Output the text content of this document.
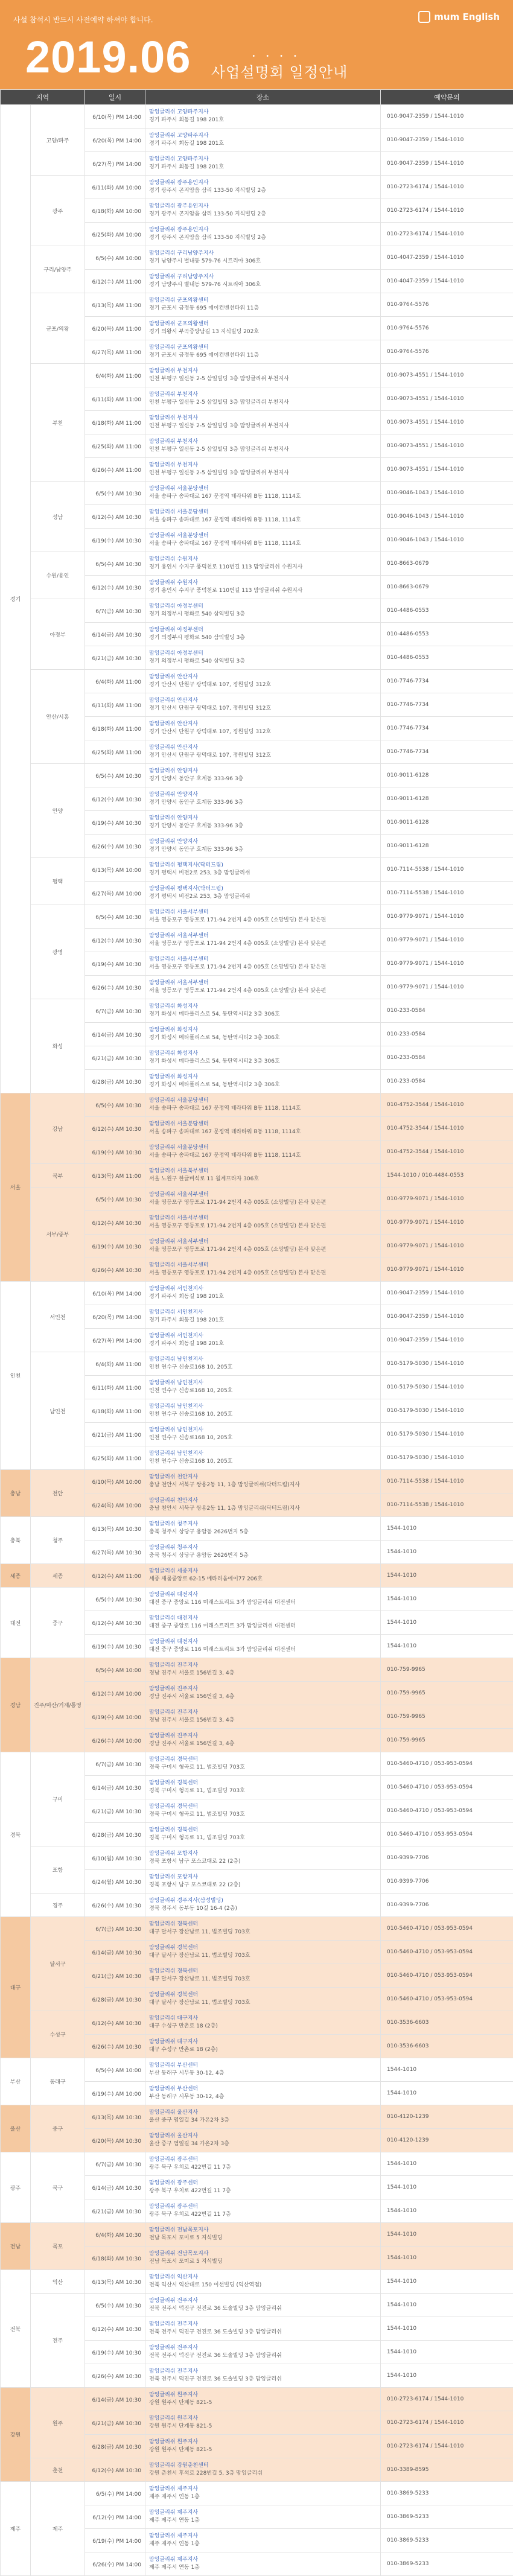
사설 참석시 반드시 사전예약 하셔야 합니다.	mum English
2019.06	••••
사업설명회 일정안내
지역		일시	장소	예약문의
경기	고양/파주	6/10(목) PM 14:00	맘잉글리쉬 고양파주지사
경기 파주시 회동길 198 201호	010-9047-2359 / 1544-1010
		6/20(목) PM 14:00	맘잉글리쉬 고양파주지사
경기 파주시 회동길 198 201호	010-9047-2359 / 1544-1010
		6/27(목) PM 14:00	맘잉글리쉬 고양파주지사
경기 파주시 회동길 198 201호	010-9047-2359 / 1544-1010
	광주	6/11(화) AM 10:00	맘잉글리쉬 광주용인지사
경기 광주시 곤지암읍 삼리 133-50 지식빌딩 2층	010-2723-6174 / 1544-1010
		6/18(화) AM 10:00	맘잉글리쉬 광주용인지사
경기 광주시 곤지암읍 삼리 133-50 지식빌딩 2층	010-2723-6174 / 1544-1010
		6/25(화) AM 10:00	맘잉글리쉬 광주용인지사
경기 광주시 곤지암읍 삼리 133-50 지식빌딩 2층	010-2723-6174 / 1544-1010
	구리/남양주	6/5(수) AM 10:00	맘잉글리쉬 구리남양주지사
경기 남양주시 별내동 579-76 시트리아 306호	010-4047-2359 / 1544-1010
		6/12(수) AM 11:00	맘잉글리쉬 구리남양주지사
경기 남양주시 별내동 579-76 시트리아 306호	010-4047-2359 / 1544-1010
	군포/의왕	6/13(목) AM 11:00	맘잉글리쉬 군포의왕센터
경기 군포시 금정동 695 에이컨벤션타워 11층	010-9764-5576
		6/20(목) AM 11:00	맘잉글리쉬 군포의왕센터
경기 의왕시 부곡중앙남길 13 지식빌딩 202호	010-9764-5576
		6/27(목) AM 11:00	맘잉글리쉬 군포의왕센터
경기 군포시 금정동 695 에이컨벤션타워 11층	010-9764-5576
	부천	6/4(화) AM 11:00	맘잉글리쉬 부천지사
인천 부평구 일신동 2-5 삼일빌딩 3층 맘잉글리쉬 부천지사	010-9073-4551 / 1544-1010
		6/11(화) AM 11:00	맘잉글리쉬 부천지사
인천 부평구 일신동 2-5 삼일빌딩 3층 맘잉글리쉬 부천지사	010-9073-4551 / 1544-1010
		6/18(화) AM 11:00	맘잉글리쉬 부천지사
인천 부평구 일신동 2-5 삼일빌딩 3층 맘잉글리쉬 부천지사	010-9073-4551 / 1544-1010
		6/25(화) AM 11:00	맘잉글리쉬 부천지사
인천 부평구 일신동 2-5 삼일빌딩 3층 맘잉글리쉬 부천지사	010-9073-4551 / 1544-1010
		6/26(수) AM 11:00	맘잉글리쉬 부천지사
인천 부평구 일신동 2-5 삼일빌딩 3층 맘잉글리쉬 부천지사	010-9073-4551 / 1544-1010
	성남	6/5(수) AM 10:30	맘잉글리쉬 서울분당센터
서울 송파구 송파대로 167 문정역 테라타워 B동 1118, 1114호	010-9046-1043 / 1544-1010
		6/12(수) AM 10:30	맘잉글리쉬 서울분당센터
서울 송파구 송파대로 167 문정역 테라타워 B동 1118, 1114호	010-9046-1043 / 1544-1010
		6/19(수) AM 10:30	맘잉글리쉬 서울분당센터
서울 송파구 송파대로 167 문정역 테라타워 B동 1118, 1114호	010-9046-1043 / 1544-1010
	수원/용인	6/5(수) AM 10:30	맘잉글리쉬 수원지사
경기 용인시 수지구 풍덕천로 110번길 113 맘잉글리쉬 수원지사	010-8663-0679
		6/12(수) AM 10:30	맘잉글리쉬 수원지사
경기 용인시 수지구 풍덕천로 110번길 113 맘잉글리쉬 수원지사	010-8663-0679
	아정부	6/7(금) AM 10:30	맘잉글리쉬 아정부센터
경기 의정부시 평화로 540 삼익빌딩 3층	010-4486-0553
		6/14(금) AM 10:30	맘잉글리쉬 아정부센터
경기 의정부시 평화로 540 삼익빌딩 3층	010-4486-0553
		6/21(금) AM 10:30	맘잉글리쉬 아정부센터
경기 의정부시 평화로 540 삼익빌딩 3층	010-4486-0553
	안산/시흥	6/4(화) AM 11:00	맘잉글리쉬 안산지사
경기 안산시 단원구 광덕대로 107, 정원빌딩 312호	010-7746-7734
		6/11(화) AM 11:00	맘잉글리쉬 안산지사
경기 안산시 단원구 광덕대로 107, 정원빌딩 312호	010-7746-7734
		6/18(화) AM 11:00	맘잉글리쉬 안산지사
경기 안산시 단원구 광덕대로 107, 정원빌딩 312호	010-7746-7734
		6/25(화) AM 11:00	맘잉글리쉬 안산지사
경기 안산시 단원구 광덕대로 107, 정원빌딩 312호	010-7746-7734
	안양	6/5(수) AM 10:30	맘잉글리쉬 안양지사
경기 안양시 동안구 호계동 333-96 3층	010-9011-6128
		6/12(수) AM 10:30	맘잉글리쉬 안양지사
경기 안양시 동안구 호계동 333-96 3층	010-9011-6128
		6/19(수) AM 10:30	맘잉글리쉬 안양지사
경기 안양시 동안구 호계동 333-96 3층	010-9011-6128
		6/26(수) AM 10:30	맘잉글리쉬 안양지사
경기 안양시 동안구 호계동 333-96 3층	010-9011-6128
	평택	6/13(목) AM 10:00	맘잉글리쉬 평택지사(닥터드림)
경기 평택시 비전2로 253, 3층 맘잉글리쉬	010-7114-5538 / 1544-1010
		6/27(목) AM 10:00	맘잉글리쉬 평택지사(닥터드림)
경기 평택시 비전2로 253, 3층 맘잉글리쉬	010-7114-5538 / 1544-1010
	광명	6/5(수) AM 10:30	맘잉글리쉬 서울서부센터
서울 영등포구 영등포로 171-94 2번지 4층 005호 (소망빌딩) 본사 맞은편	010-9779-9071 / 1544-1010
		6/12(수) AM 10:30	맘잉글리쉬 서울서부센터
서울 영등포구 영등포로 171-94 2번지 4층 005호 (소망빌딩) 본사 맞은편	010-9779-9071 / 1544-1010
		6/19(수) AM 10:30	맘잉글리쉬 서울서부센터
서울 영등포구 영등포로 171-94 2번지 4층 005호 (소망빌딩) 본사 맞은편	010-9779-9071 / 1544-1010
		6/26(수) AM 10:30	맘잉글리쉬 서울서부센터
서울 영등포구 영등포로 171-94 2번지 4층 005호 (소망빌딩) 본사 맞은편	010-9779-9071 / 1544-1010
	화성	6/7(금) AM 10:30	맘잉글리쉬 화성지사
경기 화성시 메타폴리스로 54, 동탄역시티2 3층 306호	010-233-0584
		6/14(금) AM 10:30	맘잉글리쉬 화성지사
경기 화성시 메타폴리스로 54, 동탄역시티2 3층 306호	010-233-0584
		6/21(금) AM 10:30	맘잉글리쉬 화성지사
경기 화성시 메타폴리스로 54, 동탄역시티2 3층 306호	010-233-0584
		6/28(금) AM 10:30	맘잉글리쉬 화성지사
경기 화성시 메타폴리스로 54, 동탄역시티2 3층 306호	010-233-0584
서울	강남	6/5(수) AM 10:30	맘잉글리쉬 서울분당센터
서울 송파구 송파대로 167 문정역 테라타워 B동 1118, 1114호	010-4752-3544 / 1544-1010
		6/12(수) AM 10:30	맘잉글리쉬 서울분당센터
서울 송파구 송파대로 167 문정역 테라타워 B동 1118, 1114호	010-4752-3544 / 1544-1010
		6/19(수) AM 10:30	맘잉글리쉬 서울분당센터
서울 송파구 송파대로 167 문정역 테라타워 B동 1118, 1114호	010-4752-3544 / 1544-1010
	북부	6/13(목) AM 11:00	맘잉글리쉬 서울북부센터
서울 노원구 한글비석로 11 월계프라자 306호	1544-1010 / 010-4484-0553
	서부/중부	6/5(수) AM 10:30	맘잉글리쉬 서울서부센터
서울 영등포구 영등포로 171-94 2번지 4층 005호 (소망빌딩) 본사 맞은편	010-9779-9071 / 1544-1010
		6/12(수) AM 10:30	맘잉글리쉬 서울서부센터
서울 영등포구 영등포로 171-94 2번지 4층 005호 (소망빌딩) 본사 맞은편	010-9779-9071 / 1544-1010
		6/19(수) AM 10:30	맘잉글리쉬 서울서부센터
서울 영등포구 영등포로 171-94 2번지 4층 005호 (소망빌딩) 본사 맞은편	010-9779-9071 / 1544-1010
		6/26(수) AM 10:30	맘잉글리쉬 서울서부센터
서울 영등포구 영등포로 171-94 2번지 4층 005호 (소망빌딩) 본사 맞은편	010-9779-9071 / 1544-1010
인천	서인천	6/10(목) PM 14:00	맘잉글리쉬 서인천지사
경기 파주시 회동길 198 201호	010-9047-2359 / 1544-1010
		6/20(목) PM 14:00	맘잉글리쉬 서인천지사
경기 파주시 회동길 198 201호	010-9047-2359 / 1544-1010
		6/27(목) PM 14:00	맘잉글리쉬 서인천지사
경기 파주시 회동길 198 201호	010-9047-2359 / 1544-1010
	남인천	6/4(화) AM 11:00	맘잉글리쉬 남인천지사
인천 연수구 신송로168 10, 205호	010-5179-5030 / 1544-1010
		6/11(화) AM 11:00	맘잉글리쉬 남인천지사
인천 연수구 신송로168 10, 205호	010-5179-5030 / 1544-1010
		6/18(화) AM 11:00	맘잉글리쉬 남인천지사
인천 연수구 신송로168 10, 205호	010-5179-5030 / 1544-1010
		6/21(금) AM 11:00	맘잉글리쉬 남인천지사
인천 연수구 신송로168 10, 205호	010-5179-5030 / 1544-1010
		6/25(화) AM 11:00	맘잉글리쉬 남인천지사
인천 연수구 신송로168 10, 205호	010-5179-5030 / 1544-1010
충남	천안	6/10(목) AM 10:00	맘잉글리쉬 천안지사
충남 천안시 서북구 쌍용2동 11, 1층 맘잉글리쉬(닥터드림)지사	010-7114-5538 / 1544-1010
		6/24(목) AM 10:00	맘잉글리쉬 천안지사
충남 천안시 서북구 쌍용2동 11, 1층 맘잉글리쉬(닥터드림)지사	010-7114-5538 / 1544-1010
충북	청주	6/13(목) AM 10:30	맘잉글리쉬 청주지사
충북 청주시 상당구 용암동 2626번지 5층	1544-1010
		6/27(목) AM 10:30	맘잉글리쉬 청주지사
충북 청주시 상당구 용암동 2626번지 5층	1544-1010
세종	세종	6/12(수) AM 11:00	맘잉글리쉬 세종지사
세종 새롬중앙로 62-15 메타리움에이77 206호	1544-1010
대전	중구	6/5(수) AM 10:30	맘잉글리쉬 대전지사
대전 중구 중앙로 116 미래스트리트 3가 맘잉글리쉬 대전센터	1544-1010
		6/12(수) AM 10:30	맘잉글리쉬 대전지사
대전 중구 중앙로 116 미래스트리트 3가 맘잉글리쉬 대전센터	1544-1010
		6/19(수) AM 10:30	맘잉글리쉬 대전지사
대전 중구 중앙로 116 미래스트리트 3가 맘잉글리쉬 대전센터	1544-1010
경남	진주/마산/거제/통영	6/5(수) AM 10:00	맘잉글리쉬 진주지사
경남 진주시 서울로 156번길 3, 4층	010-759-9965
		6/12(수) AM 10:00	맘잉글리쉬 진주지사
경남 진주시 서울로 156번길 3, 4층	010-759-9965
		6/19(수) AM 10:00	맘잉글리쉬 진주지사
경남 진주시 서울로 156번길 3, 4층	010-759-9965
		6/26(수) AM 10:00	맘잉글리쉬 진주지사
경남 진주시 서울로 156번길 3, 4층	010-759-9965
경북	구미	6/7(금) AM 10:30	맘잉글리쉬 경북센터
경북 구미시 형곡로 11, 법조빌딩 703호	010-5460-4710 / 053-953-0594
		6/14(금) AM 10:30	맘잉글리쉬 경북센터
경북 구미시 형곡로 11, 법조빌딩 703호	010-5460-4710 / 053-953-0594
		6/21(금) AM 10:30	맘잉글리쉬 경북센터
경북 구미시 형곡로 11, 법조빌딩 703호	010-5460-4710 / 053-953-0594
		6/28(금) AM 10:30	맘잉글리쉬 경북센터
경북 구미시 형곡로 11, 법조빌딩 703호	010-5460-4710 / 053-953-0594
	포항	6/10(월) AM 10:30	맘잉글리쉬 포항지사
경북 포항시 남구 포스코대로 22 (2층)	010-9399-7706
		6/24(월) AM 10:30	맘잉글리쉬 포항지사
경북 포항시 남구 포스코대로 22 (2층)	010-9399-7706
	경주	6/26(수) AM 10:30	맘잉글리쉬 경주지사(삼성빌딩)
경북 경주시 동부동 10길 16-4 (2층)	010-9399-7706
대구	달서구	6/7(금) AM 10:30	맘잉글리쉬 경북센터
대구 달서구 장산남로 11, 법조빌딩 703호	010-5460-4710 / 053-953-0594
		6/14(금) AM 10:30	맘잉글리쉬 경북센터
대구 달서구 장산남로 11, 법조빌딩 703호	010-5460-4710 / 053-953-0594
		6/21(금) AM 10:30	맘잉글리쉬 경북센터
대구 달서구 장산남로 11, 법조빌딩 703호	010-5460-4710 / 053-953-0594
		6/28(금) AM 10:30	맘잉글리쉬 경북센터
대구 달서구 장산남로 11, 법조빌딩 703호	010-5460-4710 / 053-953-0594
	수성구	6/12(수) AM 10:30	맘잉글리쉬 대구지사
대구 수성구 만촌로 18 (2층)	010-3536-6603
		6/26(수) AM 10:30	맘잉글리쉬 대구지사
대구 수성구 만촌로 18 (2층)	010-3536-6603
부산	동래구	6/5(수) AM 10:00	맘잉글리쉬 부산센터
부산 동래구 시무동 30-12, 4층	1544-1010
		6/19(수) AM 10:00	맘잉글리쉬 부산센터
부산 동래구 시무동 30-12, 4층	1544-1010
울산	중구	6/13(목) AM 10:30	맘잉글리쉬 울산지사
울산 중구 염일길 34 가온2차 3층	010-4120-1239
		6/20(목) AM 10:30	맘잉글리쉬 울산지사
울산 중구 염일길 34 가온2차 3층	010-4120-1239
광주	북구	6/7(금) AM 10:30	맘잉글리쉬 광주센터
광주 북구 우치로 422번길 11 7층	1544-1010
		6/14(금) AM 10:30	맘잉글리쉬 광주센터
광주 북구 우치로 422번길 11 7층	1544-1010
		6/21(금) AM 10:30	맘잉글리쉬 광주센터
광주 북구 우치로 422번길 11 7층	1544-1010
전남	목포	6/4(화) AM 10:30	맘잉글리쉬 전남목포지사
전남 목포시 포미로 5 지식빌딩	1544-1010
		6/18(화) AM 10:30	맘잉글리쉬 전남목포지사
전남 목포시 포미로 5 지식빌딩	1544-1010
전북	익산	6/13(목) AM 10:30	맘잉글리쉬 익산지사
전북 익산시 익산대로 150 이선빌딩 (익산역점)	1544-1010
	전주	6/5(수) AM 10:30	맘잉글리쉬 전주지사
전북 전주시 덕진구 전진로 36 도솔빌딩 3층 맘잉글리쉬	1544-1010
		6/12(수) AM 10:30	맘잉글리쉬 전주지사
전북 전주시 덕진구 전진로 36 도솔빌딩 3층 맘잉글리쉬	1544-1010
		6/19(수) AM 10:30	맘잉글리쉬 전주지사
전북 전주시 덕진구 전진로 36 도솔빌딩 3층 맘잉글리쉬	1544-1010
		6/26(수) AM 10:30	맘잉글리쉬 전주지사
전북 전주시 덕진구 전진로 36 도솔빌딩 3층 맘잉글리쉬	1544-1010
강원	원주	6/14(금) AM 10:30	맘잉글리쉬 원주지사
강원 원주시 단계동 821-5	010-2723-6174 / 1544-1010
		6/21(금) AM 10:30	맘잉글리쉬 원주지사
강원 원주시 단계동 821-5	010-2723-6174 / 1544-1010
		6/28(금) AM 10:30	맘잉글리쉬 원주지사
강원 원주시 단계동 821-5	010-2723-6174 / 1544-1010
	춘천	6/12(수) AM 10:30	맘잉글리쉬 강원춘천센터
강원 춘천시 후석로 228번길 5, 3층 맘잉글리쉬	010-3389-8595
제주	제주	6/5(수) PM 14:00	맘잉글리쉬 제주지사
제주 제주시 연동 1층	010-3869-5233
		6/12(수) PM 14:00	맘잉글리쉬 제주지사
제주 제주시 연동 1층	010-3869-5233
		6/19(수) PM 14:00	맘잉글리쉬 제주지사
제주 제주시 연동 1층	010-3869-5233
		6/26(수) PM 14:00	맘잉글리쉬 제주지사
제주 제주시 연동 1층	010-3869-5233
